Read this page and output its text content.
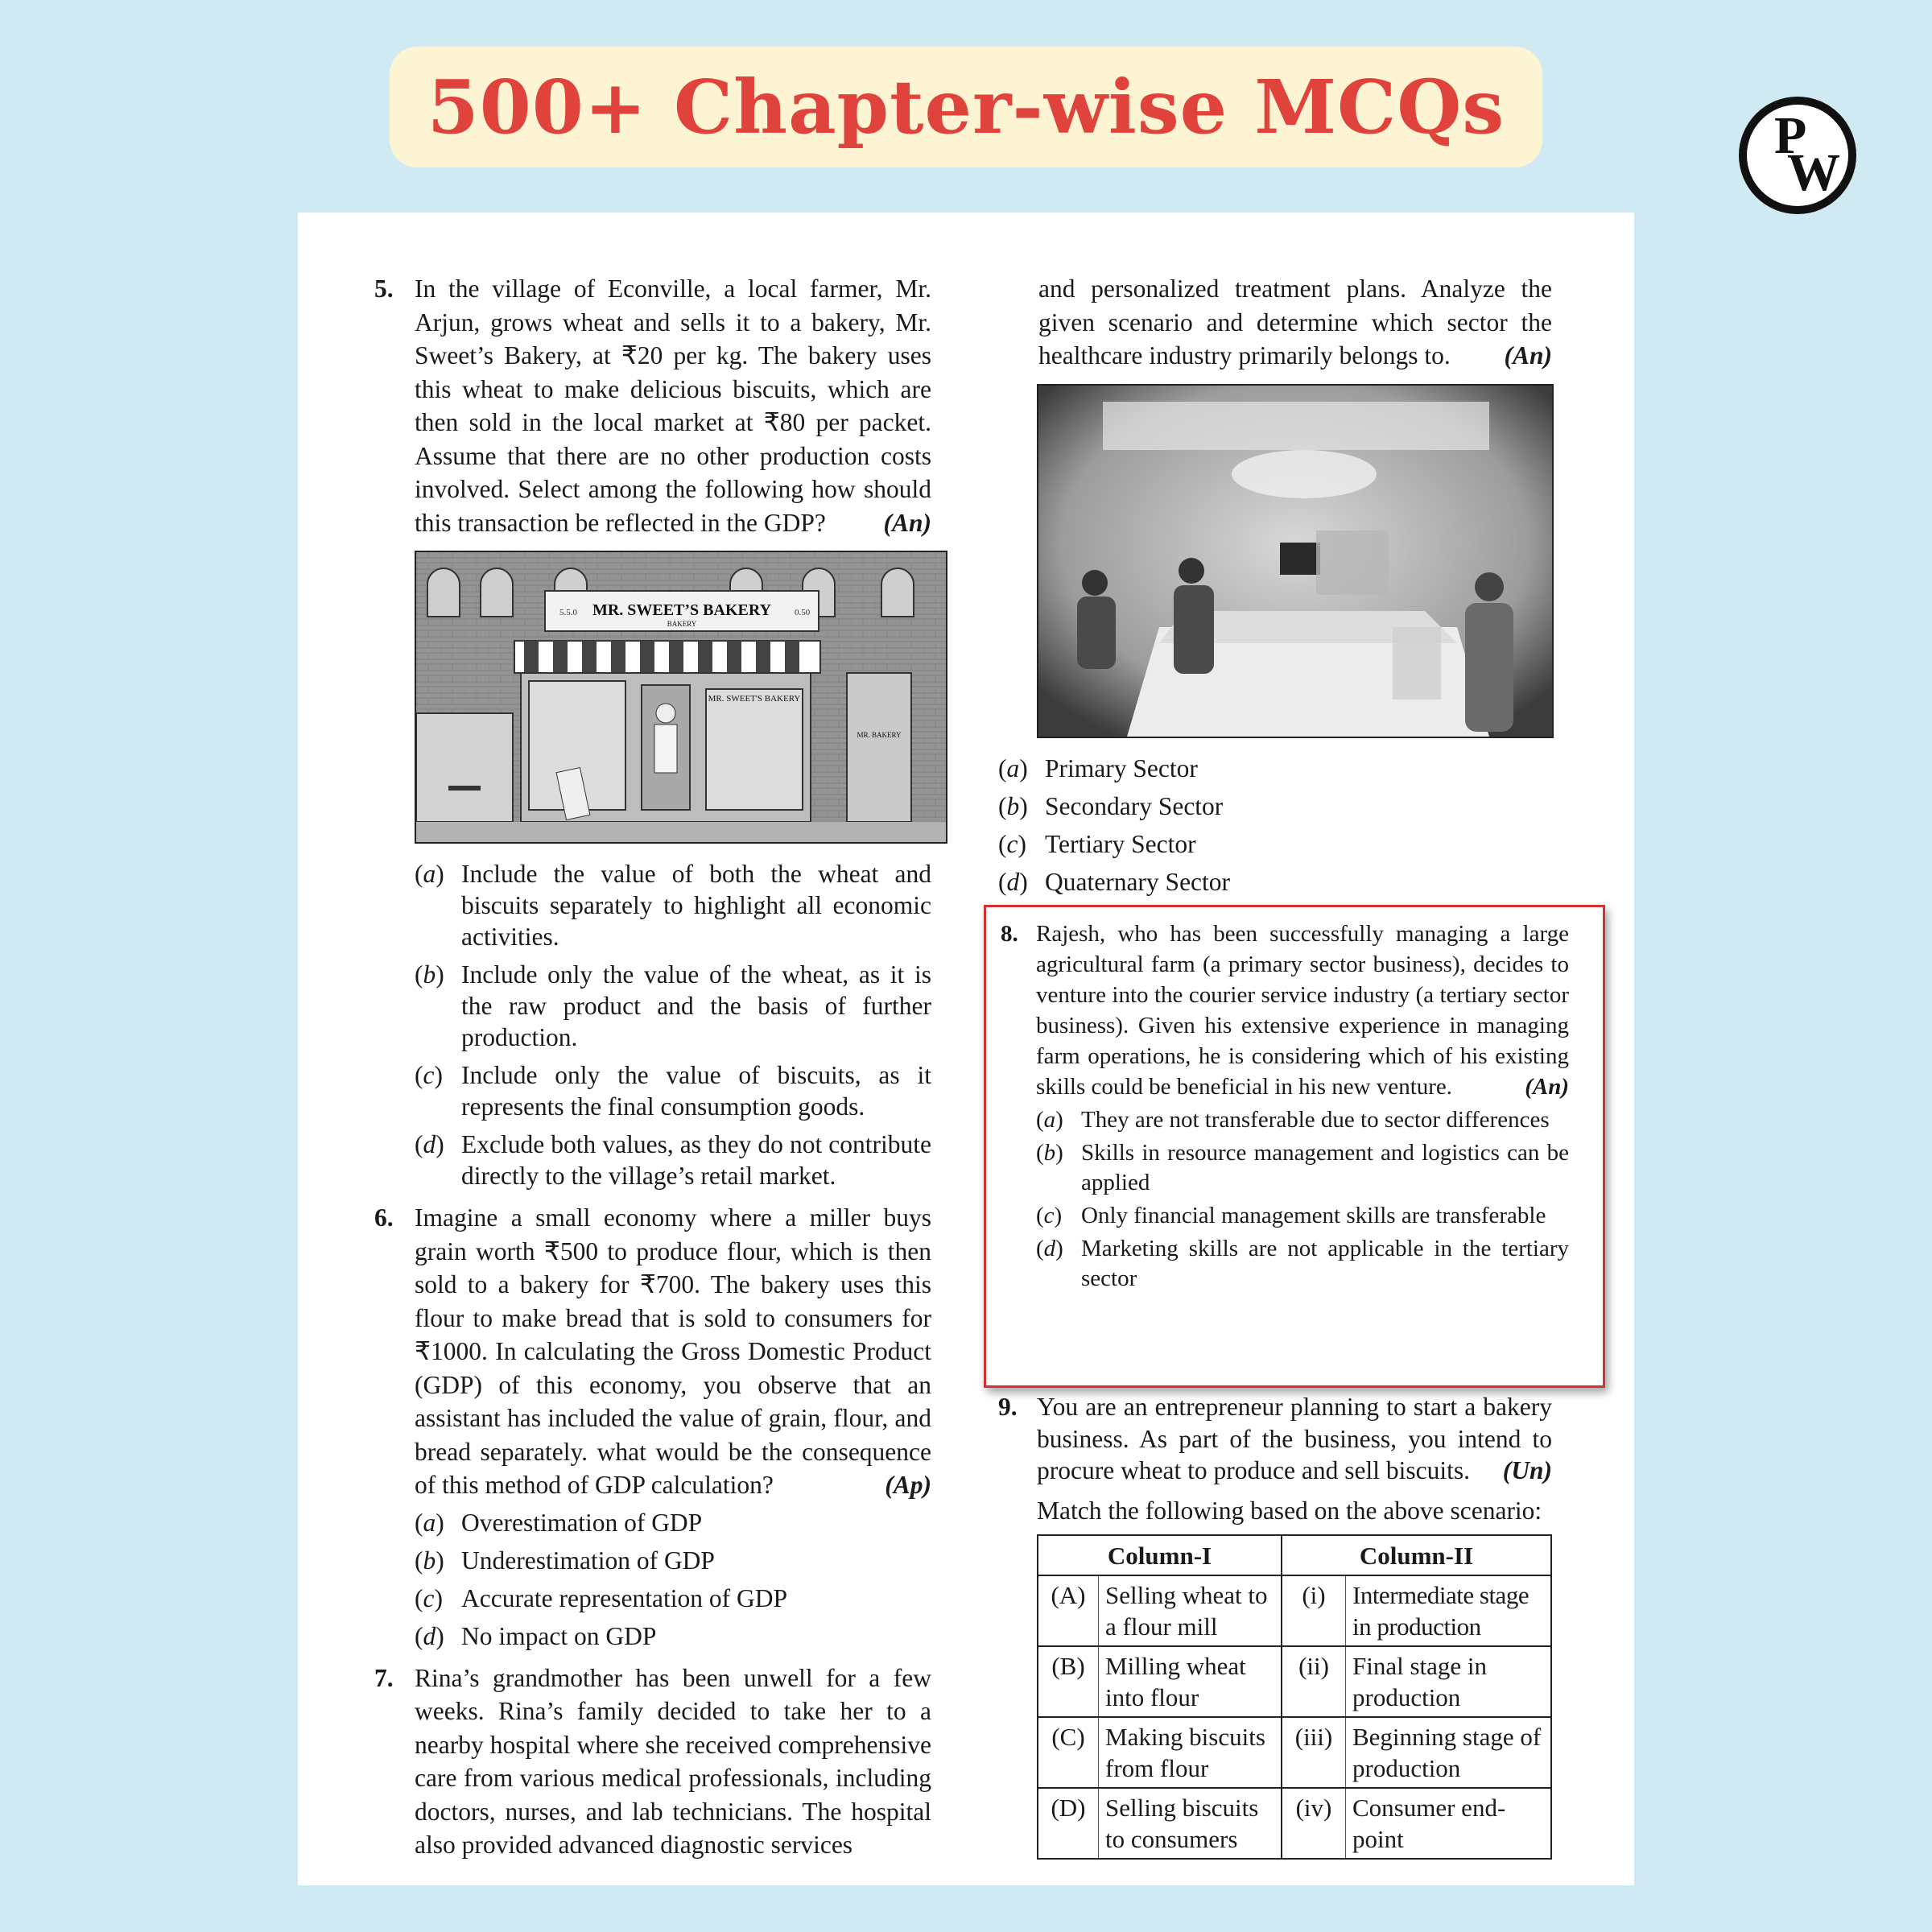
500+ Chapter-wise MCQs	P
W
5. In the village of Econville, a local farmer, Mr. Arjun, grows wheat and sells it to a bakery, Mr. Sweet’s Bakery, at ₹20 per kg. The bakery uses this wheat to make delicious biscuits, which are then sold in the local market at ₹80 per packet. Assume that there are no other production costs involved. Select among the following how should this transaction be reflected in the GDP? (An)

MR. SWEET’S BAKERY
BAKERY
5.5.0	0.50
MR. SWEET'S BAKERY
MR. BAKERY
(a) Include the value of both the wheat and biscuits separately to highlight all economic activities.
(b) Include only the value of the wheat, as it is the raw product and the basis of further production.
(c) Include only the value of biscuits, as it represents the final consumption goods.
(d) Exclude both values, as they do not contribute directly to the village’s retail market.
6. Imagine a small economy where a miller buys grain worth ₹500 to produce flour, which is then sold to a bakery for ₹700. The bakery uses this flour to make bread that is sold to consumers for ₹1000. In calculating the Gross Domestic Product (GDP) of this economy, you observe that an assistant has included the value of grain, flour, and bread separately. what would be the consequence of this method of GDP calculation?	(Ap)

(a) Overestimation of GDP
(b) Underestimation of GDP
(c) Accurate representation of GDP
(d) No impact on GDP
7. Rina’s grandmother has been unwell for a few weeks. Rina’s family decided to take her to a nearby hospital where she received comprehensive care from various medical professionals, including doctors, nurses, and lab technicians. The hospital also provided advanced diagnostic services

and personalized treatment plans. Analyze the given scenario and determine which sector the healthcare industry primarily belongs to. (An)

(a) Primary Sector
(b) Secondary Sector
(c) Tertiary Sector
(d) Quaternary Sector
8. Rajesh, who has been successfully managing a large agricultural farm (a primary sector business), decides to venture into the courier service industry (a tertiary sector business). Given his extensive experience in managing farm operations, he is considering which of his existing skills could be beneficial in his new venture.	(An)

(a) They are not transferable due to sector differences
(b) Skills in resource management and logistics can be applied
(c) Only financial management skills are transferable
(d) Marketing skills are not applicable in the tertiary sector
9. You are an entrepreneur planning to start a bakery business. As part of the business, you intend to procure wheat to produce and sell biscuits. (Un)

Match the following based on the above scenario:

Column-I		Column-II	
(A)	Selling wheat to a flour mill	(i)	Intermediate stage in production
(B)	Milling wheat into flour	(ii)	Final stage in production
(C)	Making biscuits from flour	(iii)	Beginning stage of production
(D)	Selling biscuits to consumers	(iv)	Consumer end-point
